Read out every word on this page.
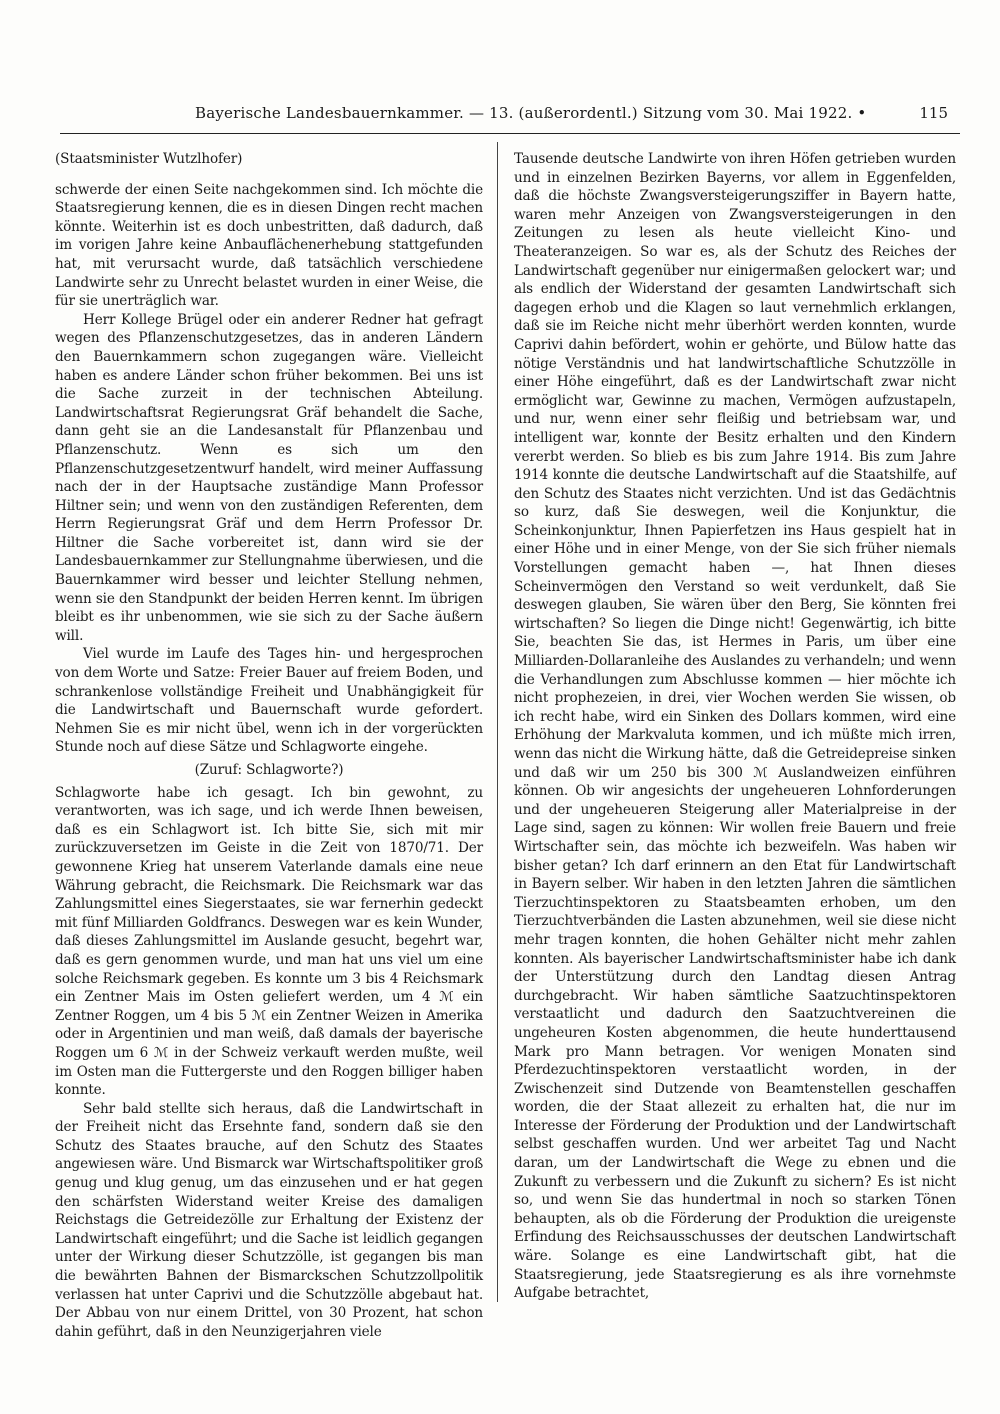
Bayerische Landesbauernkammer. — 13. (außerordentl.) Sitzung vom 30. Mai 1922. •	115

(Staatsminister Wutzlhofer)

schwerde der einen Seite nachgekommen sind. Ich möchte die Staatsregierung kennen, die es in diesen Dingen recht machen könnte. Weiterhin ist es doch unbestritten, daß dadurch, daß im vorigen Jahre keine Anbauflächenerhebung stattgefunden hat, mit verursacht wurde, daß tatsächlich verschiedene Landwirte sehr zu Unrecht belastet wurden in einer Weise, die für sie unerträglich war.

Herr Kollege Brügel oder ein anderer Redner hat gefragt wegen des Pflanzenschutzgesetzes, das in anderen Ländern den Bauernkammern schon zugegangen wäre. Vielleicht haben es andere Länder schon früher bekommen. Bei uns ist die Sache zurzeit in der technischen Abteilung. Landwirtschaftsrat Regierungsrat Gräf behandelt die Sache, dann geht sie an die Landesanstalt für Pflanzenbau und Pflanzenschutz. Wenn es sich um den Pflanzenschutzgesetzentwurf handelt, wird meiner Auffassung nach der in der Hauptsache zuständige Mann Professor Hiltner sein; und wenn von den zuständigen Referenten, dem Herrn Regierungsrat Gräf und dem Herrn Professor Dr. Hiltner die Sache vorbereitet ist, dann wird sie der Landesbauernkammer zur Stellungnahme überwiesen, und die Bauernkammer wird besser und leichter Stellung nehmen, wenn sie den Standpunkt der beiden Herren kennt. Im übrigen bleibt es ihr unbenommen, wie sie sich zu der Sache äußern will.

Viel wurde im Laufe des Tages hin- und hergesprochen von dem Worte und Satze: Freier Bauer auf freiem Boden, und schrankenlose vollständige Freiheit und Unabhängigkeit für die Landwirtschaft und Bauernschaft wurde gefordert. Nehmen Sie es mir nicht übel, wenn ich in der vorgerückten Stunde noch auf diese Sätze und Schlagworte eingehe.

(Zuruf: Schlagworte?)

Schlagworte habe ich gesagt. Ich bin gewohnt, zu verantworten, was ich sage, und ich werde Ihnen beweisen, daß es ein Schlagwort ist. Ich bitte Sie, sich mit mir zurückzuversetzen im Geiste in die Zeit von 1870/71. Der gewonnene Krieg hat unserem Vaterlande damals eine neue Währung gebracht, die Reichsmark. Die Reichsmark war das Zahlungsmittel eines Siegerstaates, sie war fernerhin gedeckt mit fünf Milliarden Goldfrancs. Deswegen war es kein Wunder, daß dieses Zahlungsmittel im Auslande gesucht, begehrt war, daß es gern genommen wurde, und man hat uns viel um eine solche Reichsmark gegeben. Es konnte um 3 bis 4 Reichsmark ein Zentner Mais im Osten geliefert werden, um 4 ℳ ein Zentner Roggen, um 4 bis 5 ℳ ein Zentner Weizen in Amerika oder in Argentinien und man weiß, daß damals der bayerische Roggen um 6 ℳ in der Schweiz verkauft werden mußte, weil im Osten man die Futtergerste und den Roggen billiger haben konnte.

Sehr bald stellte sich heraus, daß die Landwirtschaft in der Freiheit nicht das Ersehnte fand, sondern daß sie den Schutz des Staates brauche, auf den Schutz des Staates angewiesen wäre. Und Bismarck war Wirtschaftspolitiker groß genug und klug genug, um das einzusehen und er hat gegen den schärfsten Widerstand weiter Kreise des damaligen Reichstags die Getreidezölle zur Erhaltung der Existenz der Landwirtschaft eingeführt; und die Sache ist leidlich gegangen unter der Wirkung dieser Schutzzölle, ist gegangen bis man die bewährten Bahnen der Bismarckschen Schutzzollpolitik verlassen hat unter Caprivi und die Schutzzölle abgebaut hat. Der Abbau von nur einem Drittel, von 30 Prozent, hat schon dahin geführt, daß in den Neunzigerjahren viele

Tausende deutsche Landwirte von ihren Höfen getrieben wurden und in einzelnen Bezirken Bayerns, vor allem in Eggenfelden, daß die höchste Zwangsversteigerungsziffer in Bayern hatte, waren mehr Anzeigen von Zwangsversteigerungen in den Zeitungen zu lesen als heute vielleicht Kino- und Theateranzeigen. So war es, als der Schutz des Reiches der Landwirtschaft gegenüber nur einigermaßen gelockert war; und als endlich der Widerstand der gesamten Landwirtschaft sich dagegen erhob und die Klagen so laut vernehmlich erklangen, daß sie im Reiche nicht mehr überhört werden konnten, wurde Caprivi dahin befördert, wohin er gehörte, und Bülow hatte das nötige Verständnis und hat landwirtschaftliche Schutzzölle in einer Höhe eingeführt, daß es der Landwirtschaft zwar nicht ermöglicht war, Gewinne zu machen, Vermögen aufzustapeln, und nur, wenn einer sehr fleißig und betriebsam war, und intelligent war, konnte der Besitz erhalten und den Kindern vererbt werden. So blieb es bis zum Jahre 1914. Bis zum Jahre 1914 konnte die deutsche Landwirtschaft auf die Staatshilfe, auf den Schutz des Staates nicht verzichten. Und ist das Gedächtnis so kurz, daß Sie deswegen, weil die Konjunktur, die Scheinkonjunktur, Ihnen Papierfetzen ins Haus gespielt hat in einer Höhe und in einer Menge, von der Sie sich früher niemals Vorstellungen gemacht haben —, hat Ihnen dieses Scheinvermögen den Verstand so weit verdunkelt, daß Sie deswegen glauben, Sie wären über den Berg, Sie könnten frei wirtschaften? So liegen die Dinge nicht! Gegenwärtig, ich bitte Sie, beachten Sie das, ist Hermes in Paris, um über eine Milliarden-Dollaranleihe des Auslandes zu verhandeln; und wenn die Verhandlungen zum Abschlusse kommen — hier möchte ich nicht prophezeien, in drei, vier Wochen werden Sie wissen, ob ich recht habe, wird ein Sinken des Dollars kommen, wird eine Erhöhung der Markvaluta kommen, und ich müßte mich irren, wenn das nicht die Wirkung hätte, daß die Getreidepreise sinken und daß wir um 250 bis 300 ℳ Auslandweizen einführen können. Ob wir angesichts der ungeheueren Lohnforderungen und der ungeheueren Steigerung aller Materialpreise in der Lage sind, sagen zu können: Wir wollen freie Bauern und freie Wirtschafter sein, das möchte ich bezweifeln. Was haben wir bisher getan? Ich darf erinnern an den Etat für Landwirtschaft in Bayern selber. Wir haben in den letzten Jahren die sämtlichen Tierzuchtinspektoren zu Staatsbeamten erhoben, um den Tierzuchtverbänden die Lasten abzunehmen, weil sie diese nicht mehr tragen konnten, die hohen Gehälter nicht mehr zahlen konnten. Als bayerischer Landwirtschaftsminister habe ich dank der Unterstützung durch den Landtag diesen Antrag durchgebracht. Wir haben sämtliche Saatzuchtinspektoren verstaatlicht und dadurch den Saatzuchtvereinen die ungeheuren Kosten abgenommen, die heute hunderttausend Mark pro Mann betragen. Vor wenigen Monaten sind Pferdezuchtinspektoren verstaatlicht worden, in der Zwischenzeit sind Dutzende von Beamtenstellen geschaffen worden, die der Staat allezeit zu erhalten hat, die nur im Interesse der Förderung der Produktion und der Landwirtschaft selbst geschaffen wurden. Und wer arbeitet Tag und Nacht daran, um der Landwirtschaft die Wege zu ebnen und die Zukunft zu verbessern und die Zukunft zu sichern? Es ist nicht so, und wenn Sie das hundertmal in noch so starken Tönen behaupten, als ob die Förderung der Produktion die ureigenste Erfindung des Reichsausschusses der deutschen Landwirtschaft wäre. Solange es eine Landwirtschaft gibt, hat die Staatsregierung, jede Staatsregierung es als ihre vornehmste Aufgabe betrachtet,
